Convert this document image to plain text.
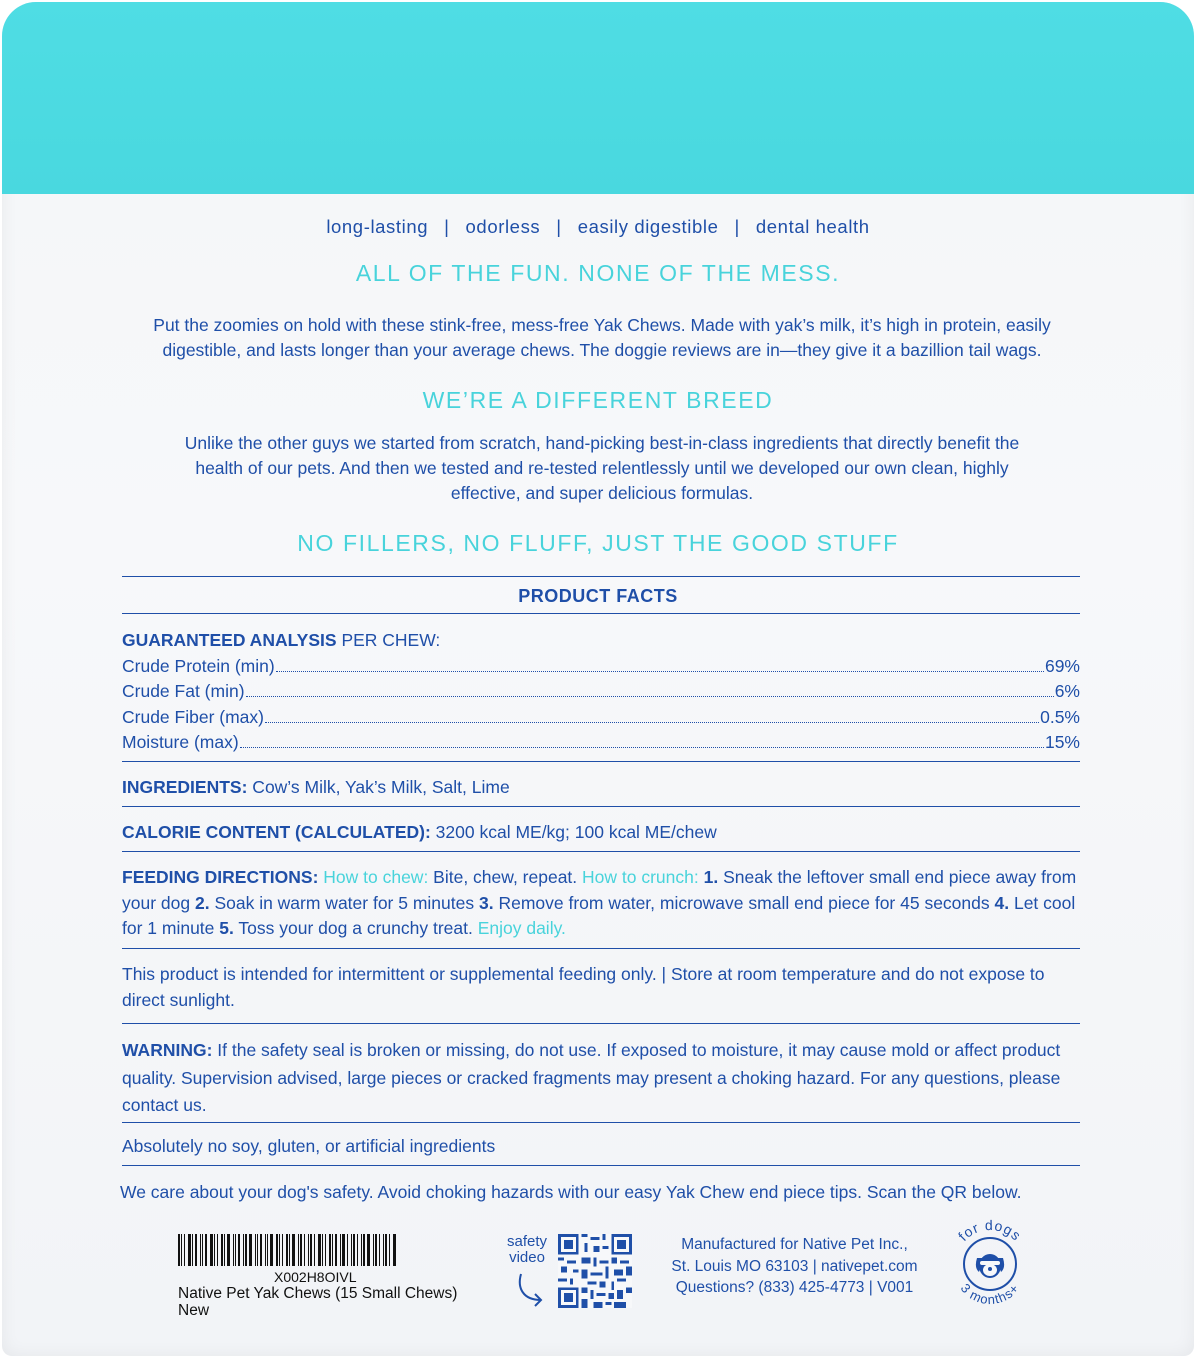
long-lasting | odorless | easily digestible | dental health
ALL OF THE FUN. NONE OF THE MESS.
Put the zoomies on hold with these stink-free, mess-free Yak Chews. Made with yak’s milk, it’s high in protein, easily
digestible, and lasts longer than your average chews. The doggie reviews are in—they give it a bazillion tail wags.
WE’RE A DIFFERENT BREED
Unlike the other guys we started from scratch, hand-picking best-in-class ingredients that directly benefit the
health of our pets. And then we tested and re-tested relentlessly until we developed our own clean, highly
effective, and super delicious formulas.
NO FILLERS, NO FLUFF, JUST THE GOOD STUFF
PRODUCT FACTS
GUARANTEED ANALYSIS PER CHEW:
Crude Protein (min)	69%
Crude Fat (min)	6%
Crude Fiber (max)	0.5%
Moisture (max)	15%
INGREDIENTS: Cow’s Milk, Yak’s Milk, Salt, Lime
CALORIE CONTENT (CALCULATED): 3200 kcal ME/kg; 100 kcal ME/chew
FEEDING DIRECTIONS: How to chew: Bite, chew, repeat. How to crunch: 1. Sneak the leftover small end piece away from your dog 2. Soak in warm water for 5 minutes 3. Remove from water, microwave small end piece for 45 seconds 4. Let cool for 1 minute 5. Toss your dog a crunchy treat. Enjoy daily.
This product is intended for intermittent or supplemental feeding only. | Store at room temperature and do not expose to direct sunlight.
WARNING: If the safety seal is broken or missing, do not use. If exposed to moisture, it may cause mold or affect product quality. Supervision advised, large pieces or cracked fragments may present a choking hazard. For any questions, please contact us.
Absolutely no soy, gluten, or artificial ingredients
We care about your dog's safety. Avoid choking hazards with our easy Yak Chew end piece tips. Scan the QR below.
X002H8OIVL
Native Pet Yak Chews (15 Small Chews)
New
safety
video
Manufactured for Native Pet Inc.,
St. Louis MO 63103 | nativepet.com
Questions? (833) 425-4773 | V001
for dogs
3 months+
